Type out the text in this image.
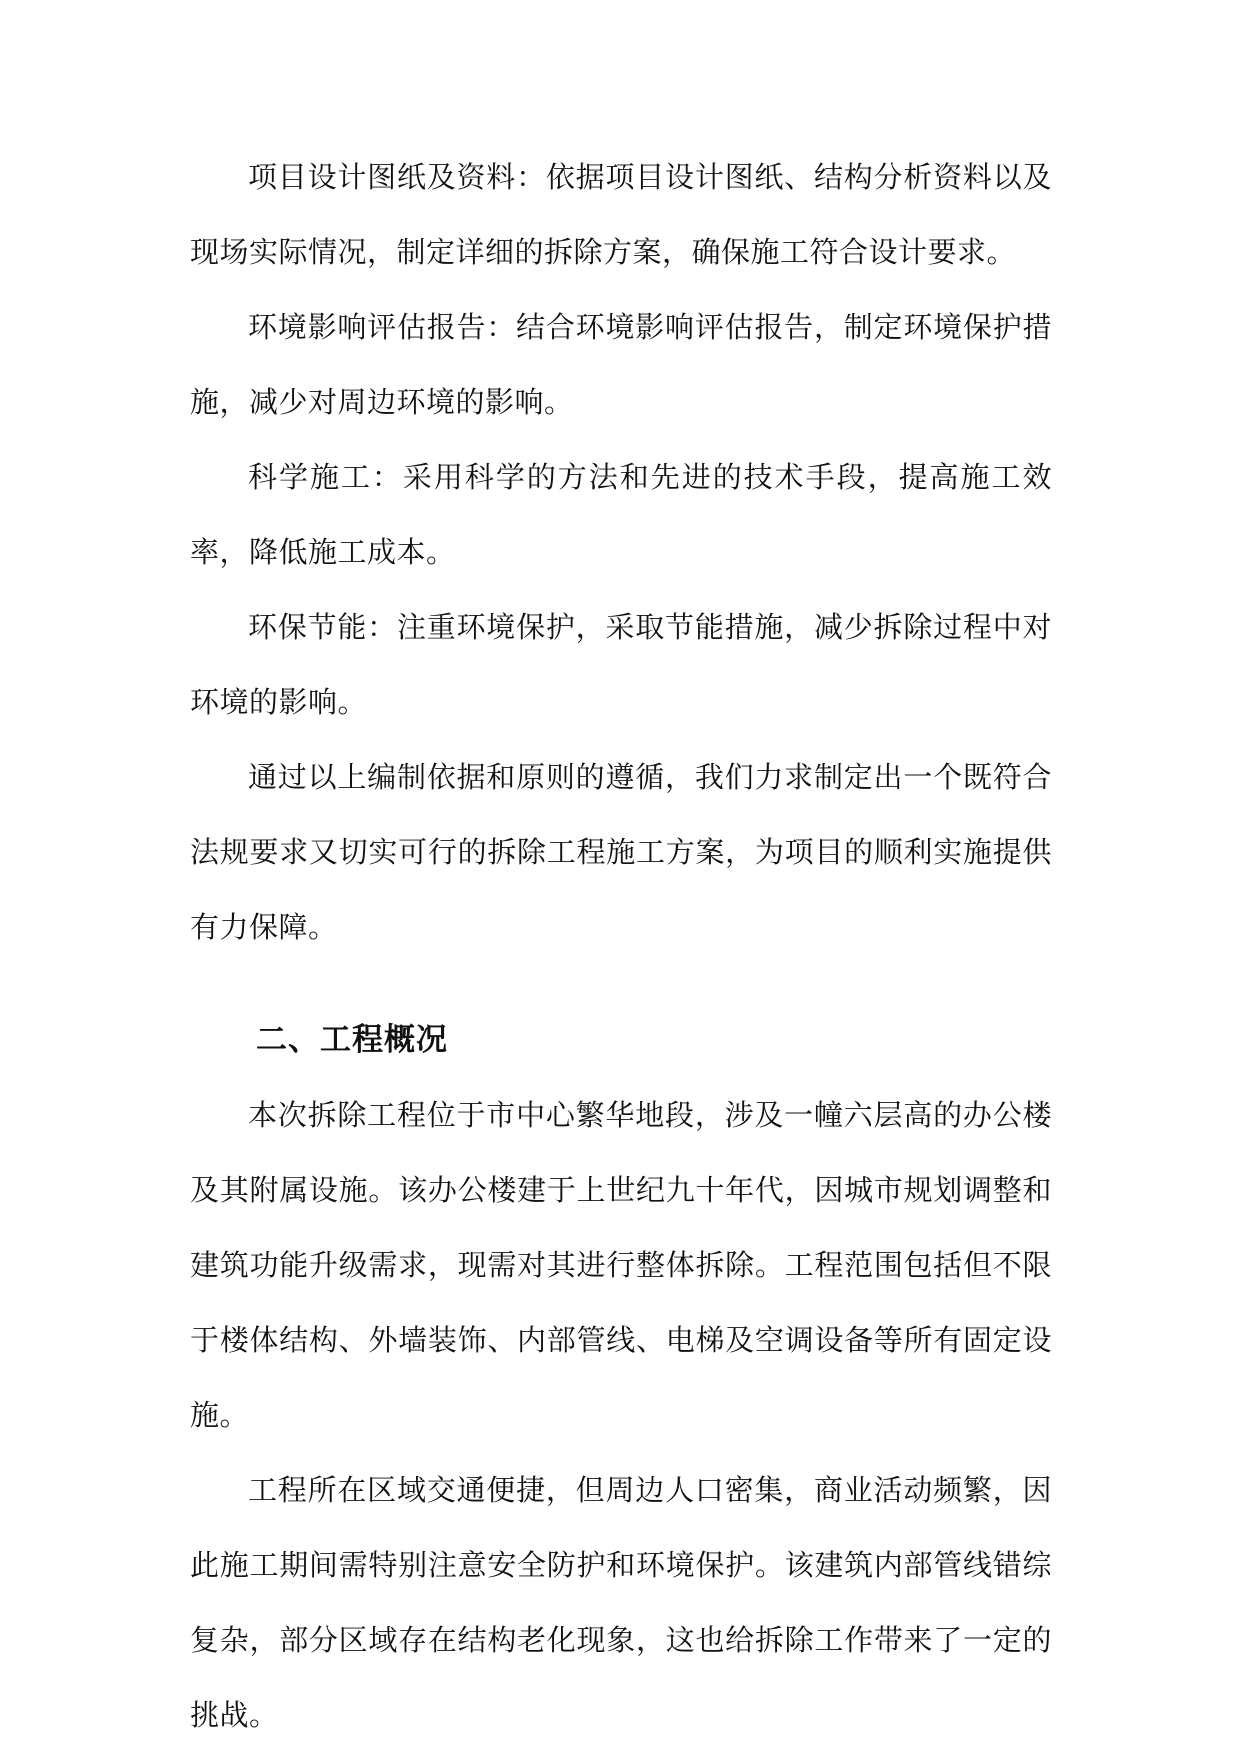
项目设计图纸及资料：依据项目设计图纸、结构分析资料以及现场实际情况，制定详细的拆除方案，确保施工符合设计要求。

环境影响评估报告：结合环境影响评估报告，制定环境保护措施，减少对周边环境的影响。

科学施工：采用科学的方法和先进的技术手段，提高施工效率，降低施工成本。

环保节能：注重环境保护，采取节能措施，减少拆除过程中对环境的影响。

通过以上编制依据和原则的遵循，我们力求制定出一个既符合法规要求又切实可行的拆除工程施工方案，为项目的顺利实施提供有力保障。

二、工程概况

本次拆除工程位于市中心繁华地段，涉及一幢六层高的办公楼及其附属设施。该办公楼建于上世纪九十年代，因城市规划调整和建筑功能升级需求，现需对其进行整体拆除。工程范围包括但不限于楼体结构、外墙装饰、内部管线、电梯及空调设备等所有固定设施。

工程所在区域交通便捷，但周边人口密集，商业活动频繁，因此施工期间需特别注意安全防护和环境保护。该建筑内部管线错综复杂，部分区域存在结构老化现象，这也给拆除工作带来了一定的挑战。
